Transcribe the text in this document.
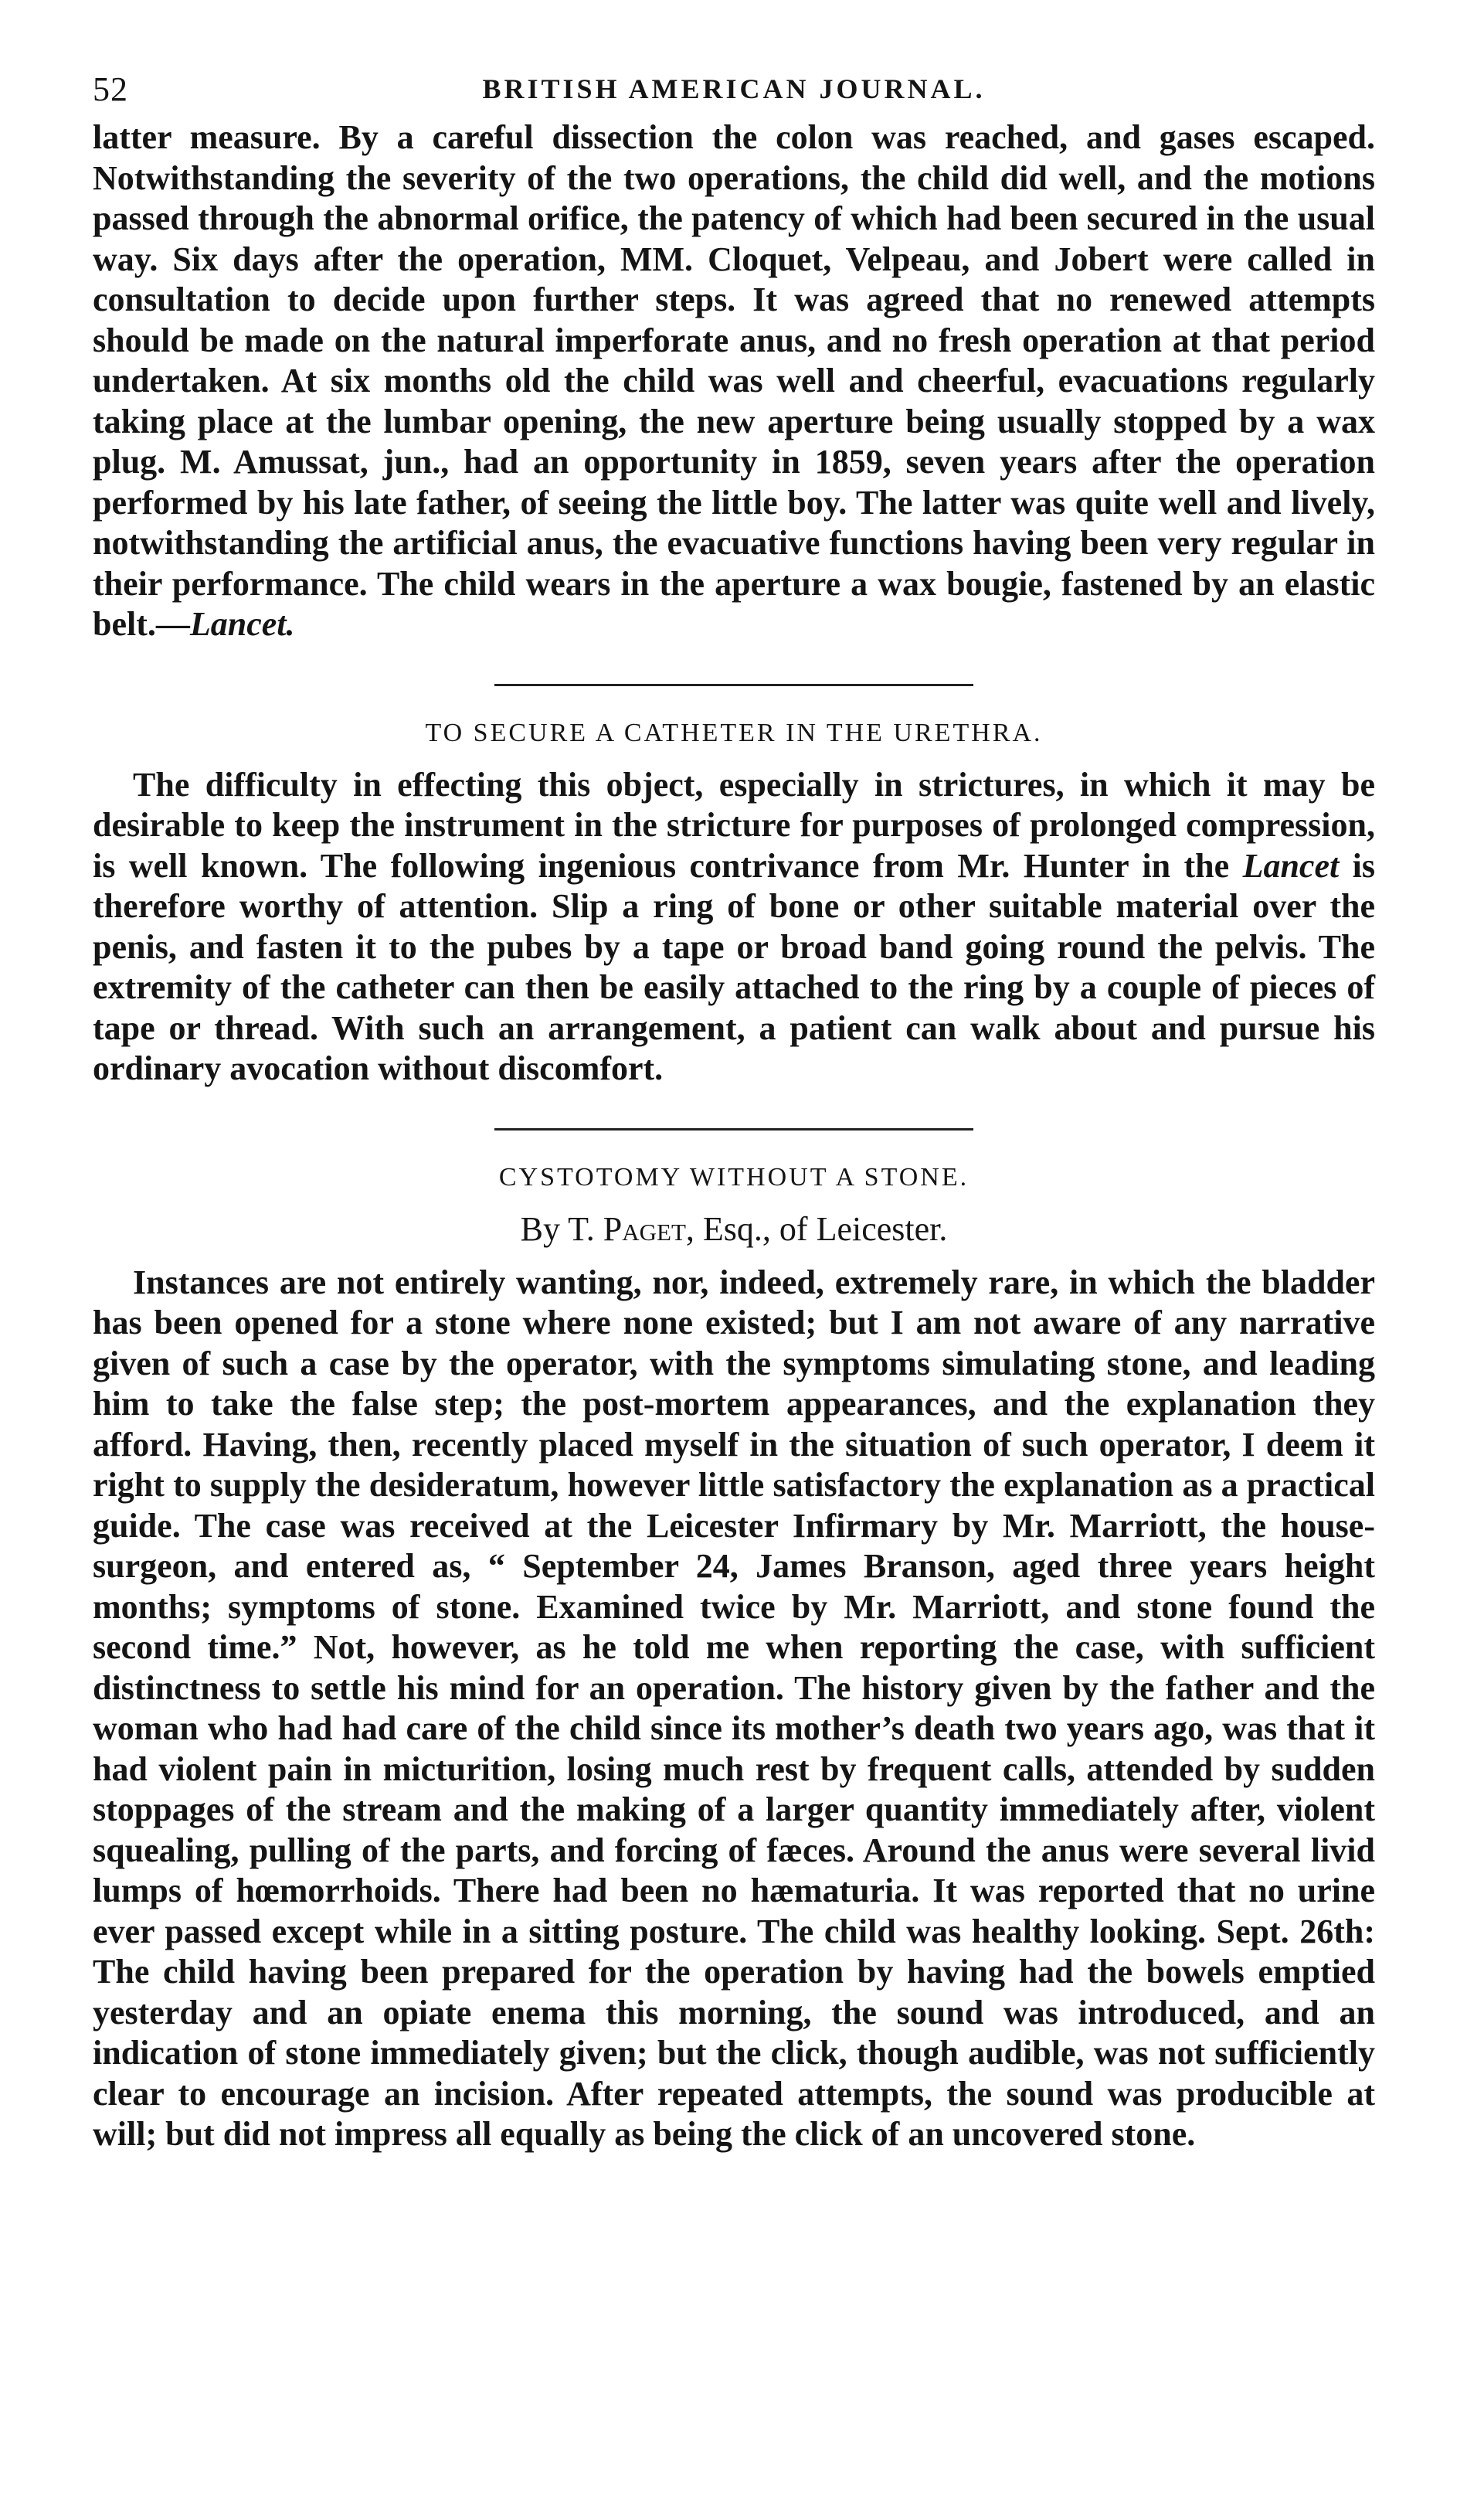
52	BRITISH AMERICAN JOURNAL.

latter measure. By a careful dissection the colon was reached, and gases escaped. Notwithstanding the severity of the two operations, the child did well, and the motions passed through the abnormal orifice, the patency of which had been secured in the usual way. Six days after the operation, MM. Cloquet, Velpeau, and Jobert were called in consultation to decide upon further steps. It was agreed that no renewed attempts should be made on the natural imperforate anus, and no fresh operation at that period undertaken. At six months old the child was well and cheerful, evacuations regularly taking place at the lumbar opening, the new aperture being usually stopped by a wax plug. M. Amussat, jun., had an opportunity in 1859, seven years after the operation performed by his late father, of seeing the little boy. The latter was quite well and lively, notwithstanding the artificial anus, the evacuative functions having been very regular in their performance. The child wears in the aperture a wax bougie, fastened by an elastic belt.—Lancet.

TO SECURE A CATHETER IN THE URETHRA.

The difficulty in effecting this object, especially in strictures, in which it may be desirable to keep the instrument in the stricture for purposes of prolonged compression, is well known. The following ingenious contrivance from Mr. Hunter in the Lancet is therefore worthy of attention. Slip a ring of bone or other suitable material over the penis, and fasten it to the pubes by a tape or broad band going round the pelvis. The extremity of the catheter can then be easily attached to the ring by a couple of pieces of tape or thread. With such an arrangement, a patient can walk about and pursue his ordinary avocation without discomfort.

CYSTOTOMY WITHOUT A STONE.

By T. Paget, Esq., of Leicester.

Instances are not entirely wanting, nor, indeed, extremely rare, in which the bladder has been opened for a stone where none existed; but I am not aware of any narrative given of such a case by the operator, with the symptoms simulating stone, and leading him to take the false step; the post-mortem appearances, and the explanation they afford. Having, then, recently placed myself in the situation of such operator, I deem it right to supply the desideratum, however little satisfactory the explanation as a practical guide. The case was received at the Leicester Infirmary by Mr. Marriott, the house-surgeon, and entered as, “ September 24, James Branson, aged three years height months; symptoms of stone. Examined twice by Mr. Marriott, and stone found the second time.” Not, however, as he told me when reporting the case, with sufficient distinctness to settle his mind for an operation. The history given by the father and the woman who had had care of the child since its mother’s death two years ago, was that it had violent pain in micturition, losing much rest by frequent calls, attended by sudden stoppages of the stream and the making of a larger quantity immediately after, violent squealing, pulling of the parts, and forcing of fæces. Around the anus were several livid lumps of hœmorrhoids. There had been no hæmaturia. It was reported that no urine ever passed except while in a sitting posture. The child was healthy looking. Sept. 26th: The child having been prepared for the operation by having had the bowels emptied yesterday and an opiate enema this morning, the sound was introduced, and an indication of stone immediately given; but the click, though audible, was not sufficiently clear to encourage an incision. After repeated attempts, the sound was producible at will; but did not impress all equally as being the click of an uncovered stone.
